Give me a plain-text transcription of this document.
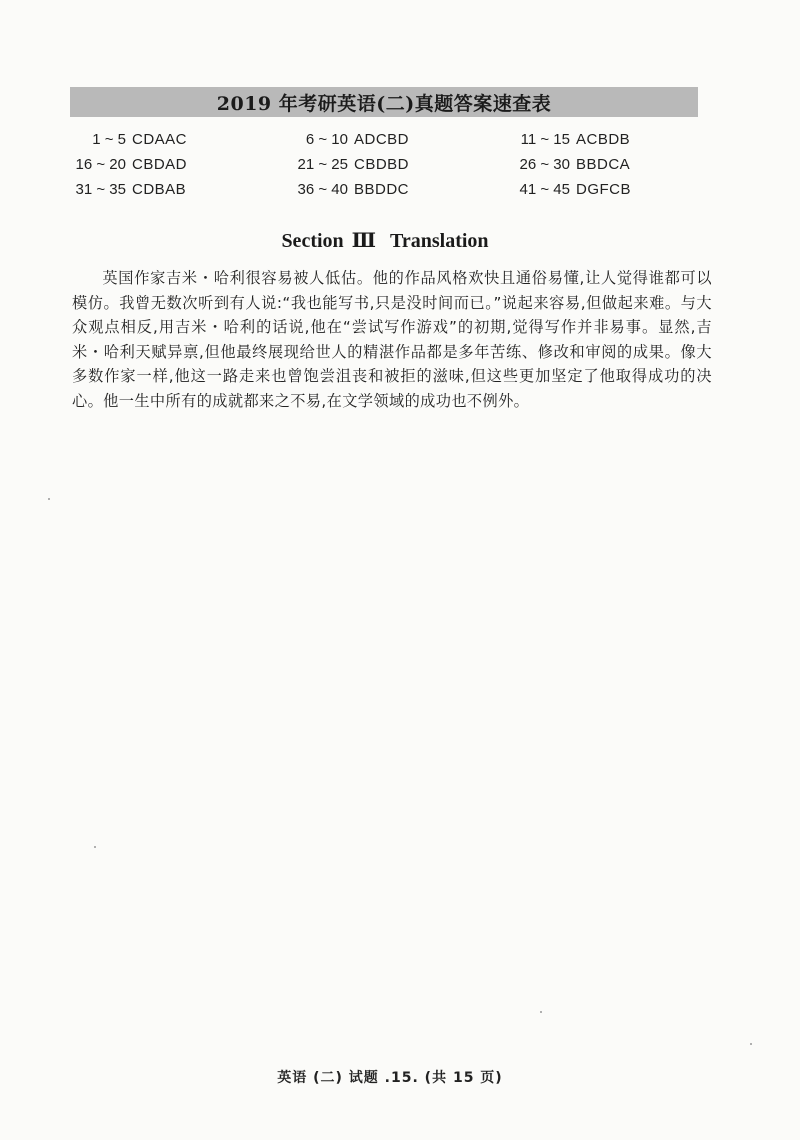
2019 年考研英语(二)真题答案速查表
1 ~ 5 CDAAC	6 ~ 10 ADCBD	11 ~ 15 ACBDB
16 ~ 20 CBDAD	21 ~ 25 CBDBD	26 ~ 30 BBDCA
31 ~ 35 CDBAB	36 ~ 40 BBDDC	41 ~ 45 DGFCB
Section Ⅲ Translation

英国作家吉米・哈利很容易被人低估。他的作品风格欢快且通俗易懂,让人觉得谁都可以模仿。我曾无数次听到有人说:“我也能写书,只是没时间而已。”说起来容易,但做起来难。与大众观点相反,用吉米・哈利的话说,他在“尝试写作游戏”的初期,觉得写作并非易事。显然,吉米・哈利天赋异禀,但他最终展现给世人的精湛作品都是多年苦练、修改和审阅的成果。像大多数作家一样,他这一路走来也曾饱尝沮丧和被拒的滋味,但这些更加坚定了他取得成功的决心。他一生中所有的成就都来之不易,在文学领域的成功也不例外。

英语 (二) 试题 .15. (共 15 页)
